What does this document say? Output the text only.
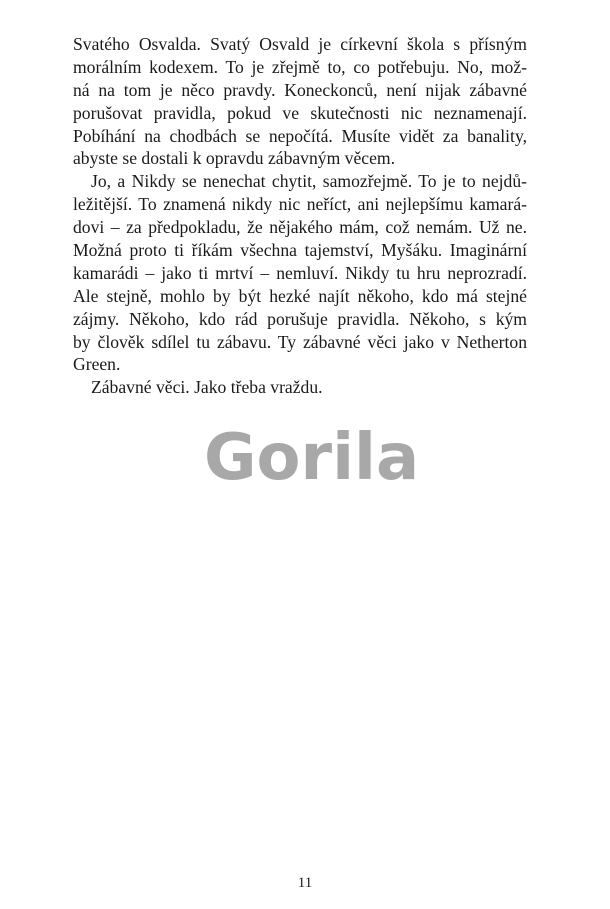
Svatého Osvalda. Svatý Osvald je církevní škola s přísným
morálním kodexem. To je zřejmě to, co potřebuju. No, mož-
ná na tom je něco pravdy. Koneckonců, není nijak zábavné
porušovat pravidla, pokud ve skutečnosti nic neznamenají.
Pobíhání na chodbách se nepočítá. Musíte vidět za banality,
abyste se dostali k opravdu zábavným věcem.
Jo, a Nikdy se nenechat chytit, samozřejmě. To je to nejdů-
ležitější. To znamená nikdy nic neříct, ani nejlepšímu kamará-
dovi – za předpokladu, že nějakého mám, což nemám. Už ne.
Možná proto ti říkám všechna tajemství, Myšáku. Imaginární
kamarádi – jako ti mrtví – nemluví. Nikdy tu hru neprozradí.
Ale stejně, mohlo by být hezké najít někoho, kdo má stejné
zájmy. Někoho, kdo rád porušuje pravidla. Někoho, s kým
by člověk sdílel tu zábavu. Ty zábavné věci jako v Netherton
Green.
Zábavné věci. Jako třeba vraždu.
Gorila
11
